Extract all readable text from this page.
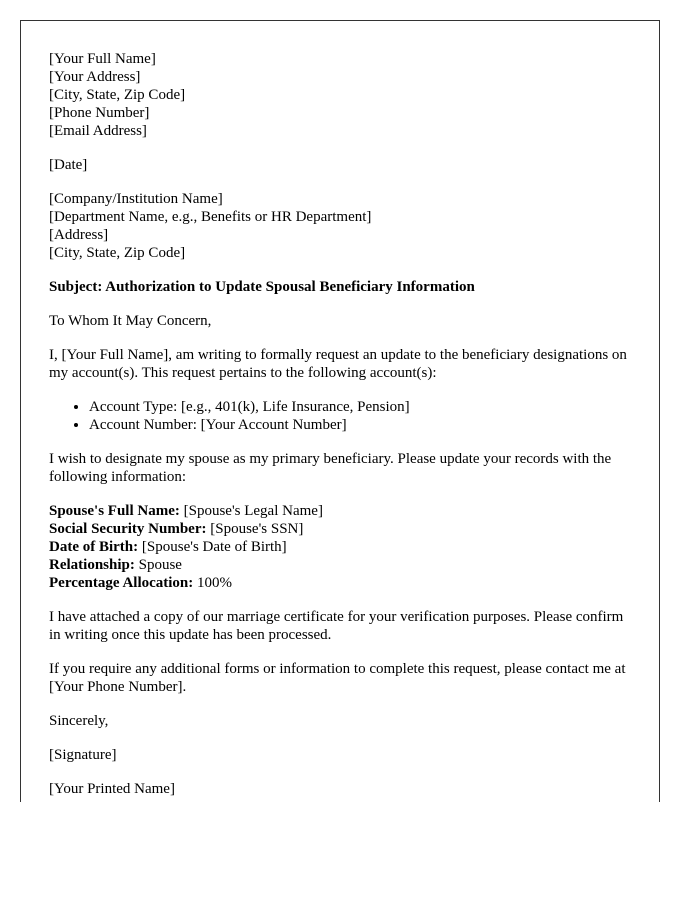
[Your Full Name]
[Your Address]
[City, State, Zip Code]
[Phone Number]
[Email Address]

[Date]

[Company/Institution Name]
[Department Name, e.g., Benefits or HR Department]
[Address]
[City, State, Zip Code]

Subject: Authorization to Update Spousal Beneficiary Information

To Whom It May Concern,

I, [Your Full Name], am writing to formally request an update to the beneficiary designations on my account(s). This request pertains to the following account(s):

• Account Type: [e.g., 401(k), Life Insurance, Pension]
• Account Number: [Your Account Number]

I wish to designate my spouse as my primary beneficiary. Please update your records with the following information:

Spouse's Full Name: [Spouse's Legal Name]
Social Security Number: [Spouse's SSN]
Date of Birth: [Spouse's Date of Birth]
Relationship: Spouse
Percentage Allocation: 100%

I have attached a copy of our marriage certificate for your verification purposes. Please confirm in writing once this update has been processed.

If you require any additional forms or information to complete this request, please contact me at [Your Phone Number].

Sincerely,

[Signature]

[Your Printed Name]
